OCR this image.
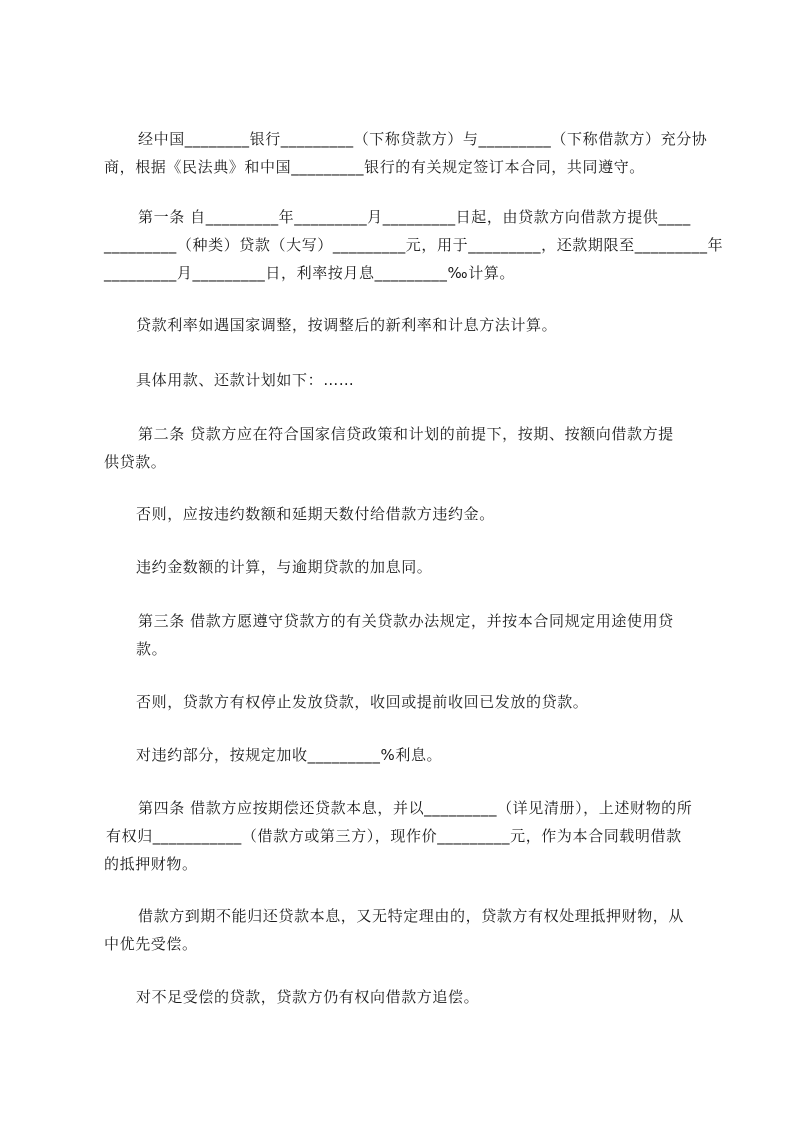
经中国________银行_________（下称贷款方）与_________（下称借款方）充分协
商，根据《民法典》和中国_________银行的有关规定签订本合同，共同遵守。
第一条 自_________年_________月_________日起，由贷款方向借款方提供____
_________（种类）贷款（大写）_________元，用于_________，还款期限至_________年
_________月_________日，利率按月息_________‰计算。
贷款利率如遇国家调整，按调整后的新利率和计息方法计算。
具体用款、还款计划如下：……
第二条 贷款方应在符合国家信贷政策和计划的前提下，按期、按额向借款方提
供贷款。
否则，应按违约数额和延期天数付给借款方违约金。
违约金数额的计算，与逾期贷款的加息同。
第三条 借款方愿遵守贷款方的有关贷款办法规定，并按本合同规定用途使用贷
款。
否则，贷款方有权停止发放贷款，收回或提前收回已发放的贷款。
对违约部分，按规定加收_________%利息。
第四条 借款方应按期偿还贷款本息，并以_________（详见清册），上述财物的所
有权归___________（借款方或第三方），现作价_________元，作为本合同载明借款
的抵押财物。
借款方到期不能归还贷款本息，又无特定理由的，贷款方有权处理抵押财物，从
中优先受偿。
对不足受偿的贷款，贷款方仍有权向借款方追偿。
